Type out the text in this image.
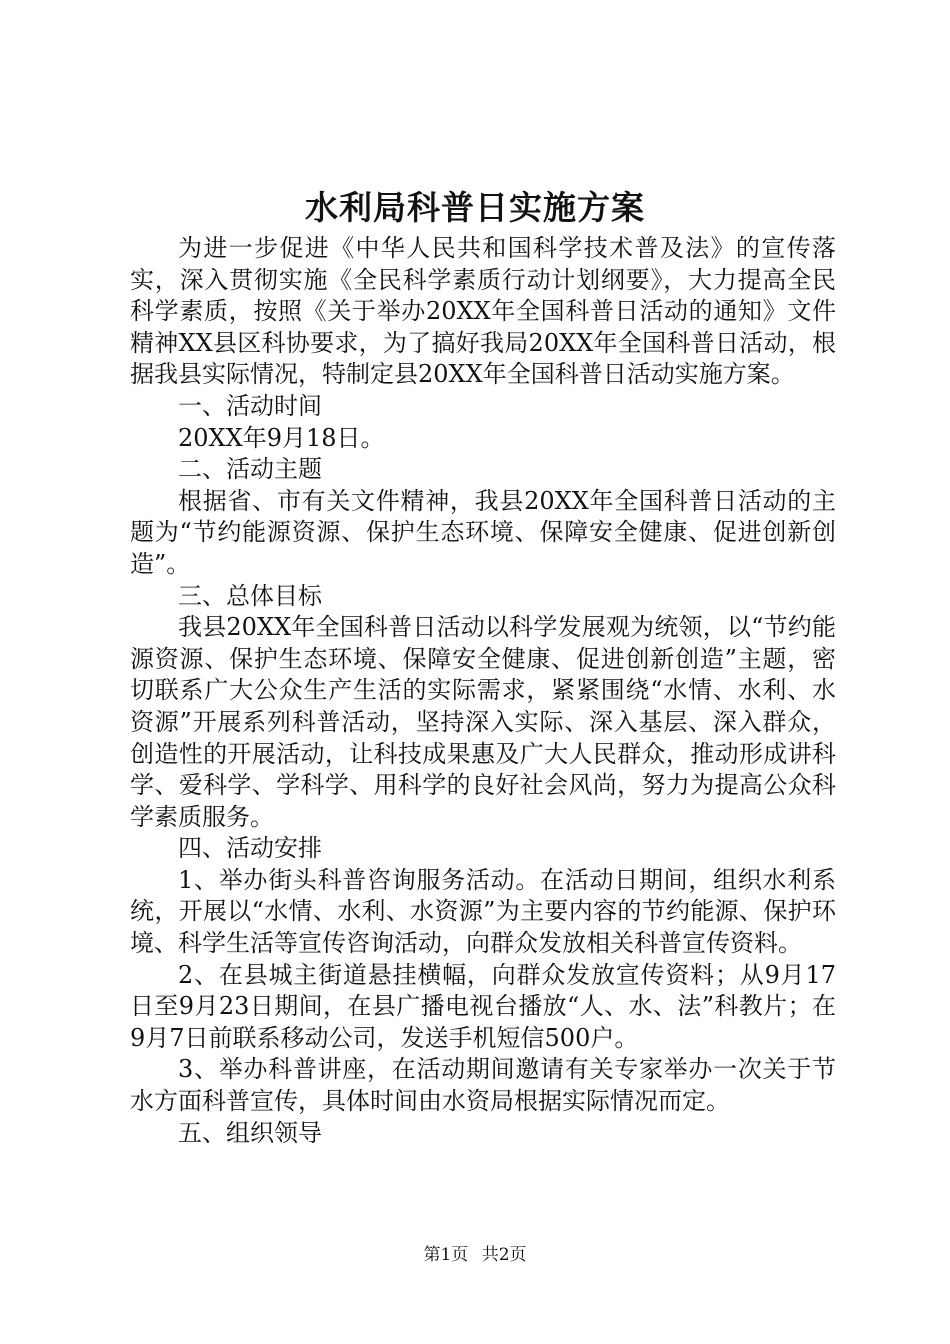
水利局科普日实施方案

为进一步促进《中华人民共和国科学技术普及法》的宣传落实，深入贯彻实施《全民科学素质行动计划纲要》，大力提高全民科学素质，按照《关于举办20XX年全国科普日活动的通知》文件精神XX县区科协要求，为了搞好我局20XX年全国科普日活动，根据我县实际情况，特制定县20XX年全国科普日活动实施方案。

一、活动时间

20XX年9月18日。

二、活动主题

根据省、市有关文件精神，我县20XX年全国科普日活动的主题为“节约能源资源、保护生态环境、保障安全健康、促进创新创造”。

三、总体目标

我县20XX年全国科普日活动以科学发展观为统领，以“节约能源资源、保护生态环境、保障安全健康、促进创新创造”主题，密切联系广大公众生产生活的实际需求，紧紧围绕“水情、水利、水资源”开展系列科普活动，坚持深入实际、深入基层、深入群众，创造性的开展活动，让科技成果惠及广大人民群众，推动形成讲科学、爱科学、学科学、用科学的良好社会风尚，努力为提高公众科学素质服务。

四、活动安排

1、举办街头科普咨询服务活动。在活动日期间，组织水利系统，开展以“水情、水利、水资源”为主要内容的节约能源、保护环境、科学生活等宣传咨询活动，向群众发放相关科普宣传资料。

2、在县城主街道悬挂横幅，向群众发放宣传资料；从9月17日至9月23日期间，在县广播电视台播放“人、水、法”科教片；在9月7日前联系移动公司，发送手机短信500户。

3、举办科普讲座，在活动期间邀请有关专家举办一次关于节水方面科普宣传，具体时间由水资局根据实际情况而定。

五、组织领导

第1页 共2页
